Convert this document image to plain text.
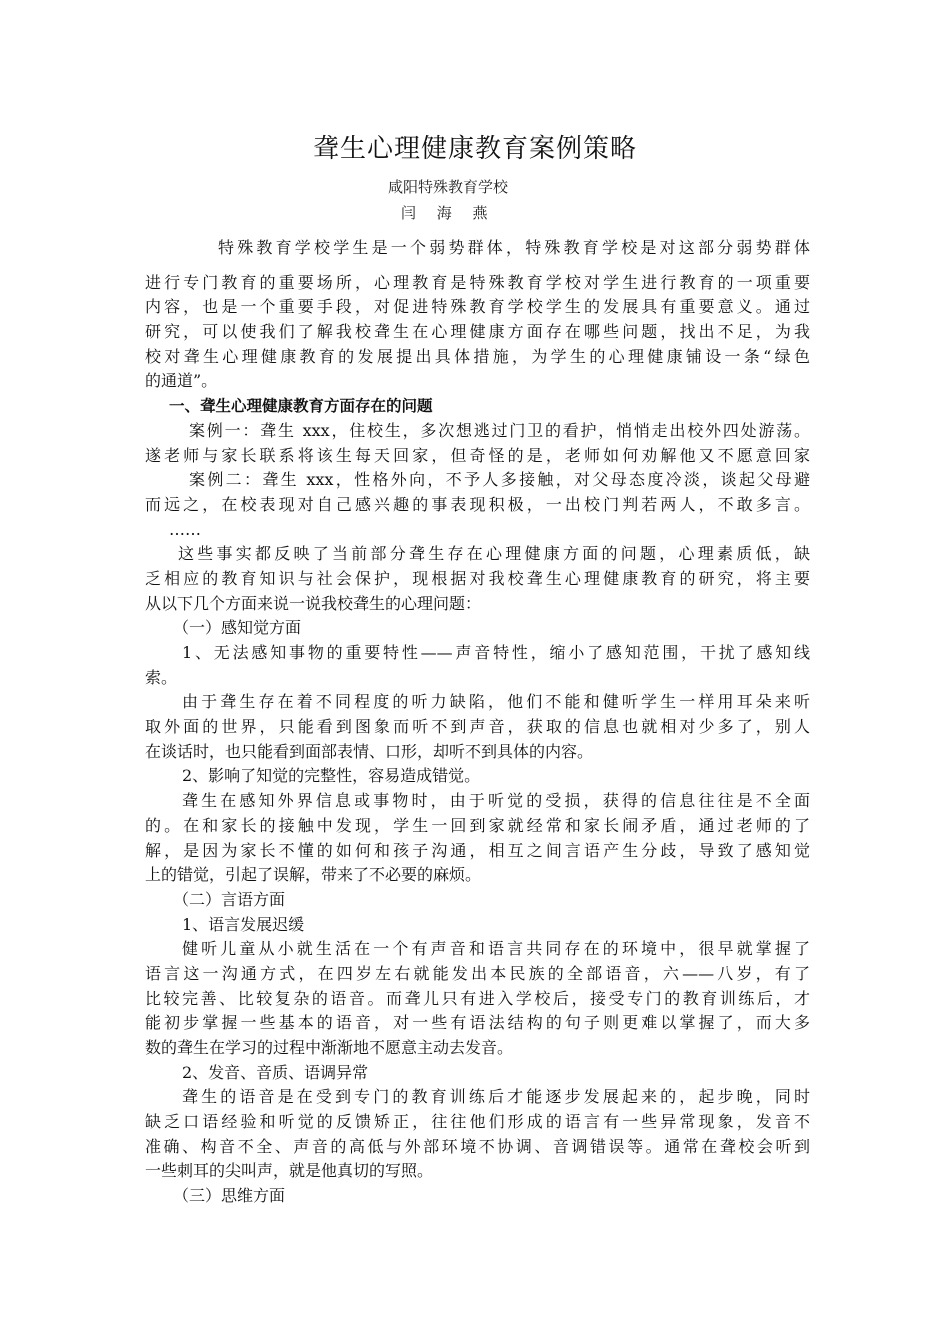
聋生心理健康教育案例策略
咸阳特殊教育学校
闫 海 燕
特殊教育学校学生是一个弱势群体，特殊教育学校是对这部分弱势群体
进行专门教育的重要场所，心理教育是特殊教育学校对学生进行教育的一项重要
内容，也是一个重要手段，对促进特殊教育学校学生的发展具有重要意义。通过
研究，可以使我们了解我校聋生在心理健康方面存在哪些问题，找出不足，为我
校对聋生心理健康教育的发展提出具体措施，为学生的心理健康铺设一条“绿色
的通道”。
一、聋生心理健康教育方面存在的问题
案例一：聋生 xxx，住校生，多次想逃过门卫的看护，悄悄走出校外四处游荡。
遂老师与家长联系将该生每天回家，但奇怪的是，老师如何劝解他又不愿意回家
案例二：聋生 xxx，性格外向，不予人多接触，对父母态度冷淡，谈起父母避
而远之，在校表现对自己感兴趣的事表现积极，一出校门判若两人，不敢多言。
……
这些事实都反映了当前部分聋生存在心理健康方面的问题，心理素质低，缺
乏相应的教育知识与社会保护，现根据对我校聋生心理健康教育的研究，将主要
从以下几个方面来说一说我校聋生的心理问题：
（一）感知觉方面
1、无法感知事物的重要特性——声音特性，缩小了感知范围，干扰了感知线
索。
由于聋生存在着不同程度的听力缺陷，他们不能和健听学生一样用耳朵来听
取外面的世界，只能看到图象而听不到声音，获取的信息也就相对少多了，别人
在谈话时，也只能看到面部表情、口形，却听不到具体的内容。
2、影响了知觉的完整性，容易造成错觉。
聋生在感知外界信息或事物时，由于听觉的受损，获得的信息往往是不全面
的。在和家长的接触中发现，学生一回到家就经常和家长闹矛盾，通过老师的了
解，是因为家长不懂的如何和孩子沟通，相互之间言语产生分歧，导致了感知觉
上的错觉，引起了误解，带来了不必要的麻烦。
（二）言语方面
1、语言发展迟缓
健听儿童从小就生活在一个有声音和语言共同存在的环境中，很早就掌握了
语言这一沟通方式，在四岁左右就能发出本民族的全部语音，六——八岁，有了
比较完善、比较复杂的语音。而聋儿只有进入学校后，接受专门的教育训练后，才
能初步掌握一些基本的语音，对一些有语法结构的句子则更难以掌握了，而大多
数的聋生在学习的过程中渐渐地不愿意主动去发音。
2、发音、音质、语调异常
聋生的语音是在受到专门的教育训练后才能逐步发展起来的，起步晚，同时
缺乏口语经验和听觉的反馈矫正，往往他们形成的语言有一些异常现象，发音不
准确、构音不全、声音的高低与外部环境不协调、音调错误等。通常在聋校会听到
一些刺耳的尖叫声，就是他真切的写照。
（三）思维方面
